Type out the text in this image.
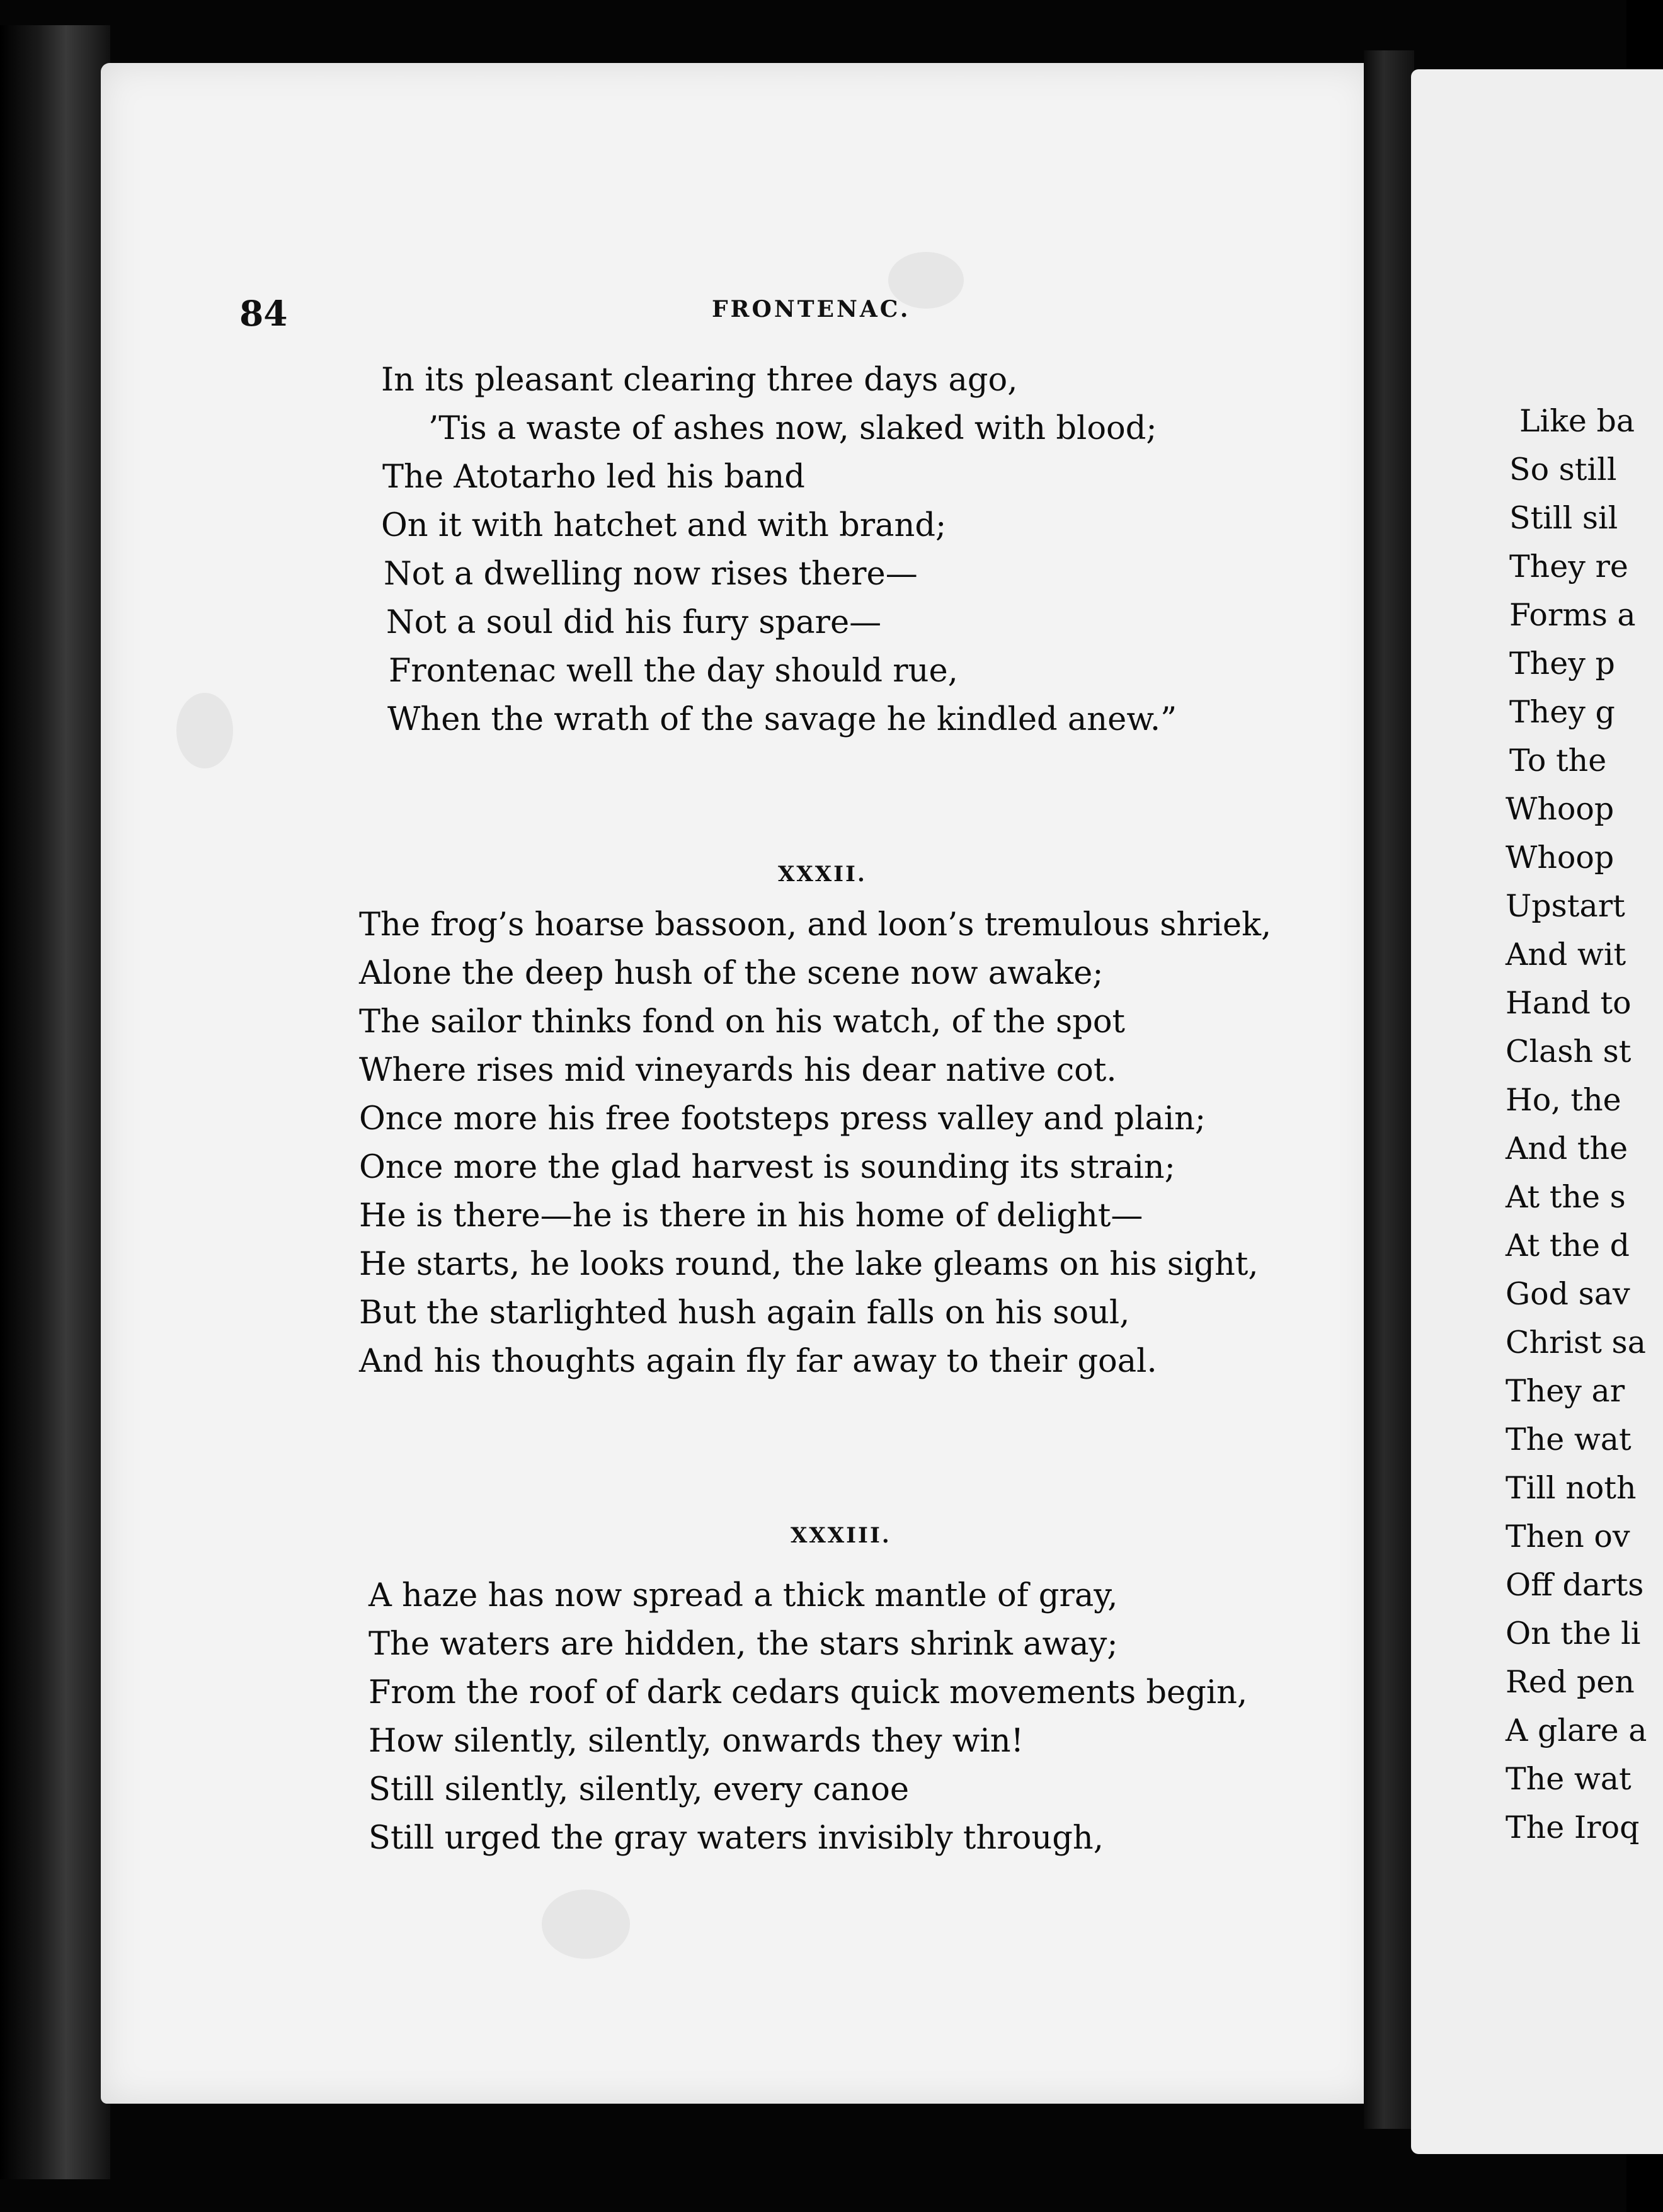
Like ba

So still

Still sil

They re

Forms a

They p

They g

To the

Whoop

Whoop

Upstart

And wit

Hand to

Clash st

Ho, the

And the

At the s

At the d

God sav

Christ sa

They ar

The wat

Till noth

Then ov

Off darts

On the li

Red pen

A glare a

The wat

The Iroq

84	FRONTENAC.

In its pleasant clearing three days ago,

’Tis a waste of ashes now, slaked with blood;

The Atotarho led his band

On it with hatchet and with brand;

Not a dwelling now rises there—

Not a soul did his fury spare—

Frontenac well the day should rue,

When the wrath of the savage he kindled anew.”

XXXII.

The frog’s hoarse bassoon, and loon’s tremulous shriek,

Alone the deep hush of the scene now awake;

The sailor thinks fond on his watch, of the spot

Where rises mid vineyards his dear native cot.

Once more his free footsteps press valley and plain;

Once more the glad harvest is sounding its strain;

He is there—he is there in his home of delight—

He starts, he looks round, the lake gleams on his sight,

But the starlighted hush again falls on his soul,

And his thoughts again fly far away to their goal.

XXXIII.

A haze has now spread a thick mantle of gray,

The waters are hidden, the stars shrink away;

From the roof of dark cedars quick movements begin,

How silently, silently, onwards they win!

Still silently, silently, every canoe

Still urged the gray waters invisibly through,
